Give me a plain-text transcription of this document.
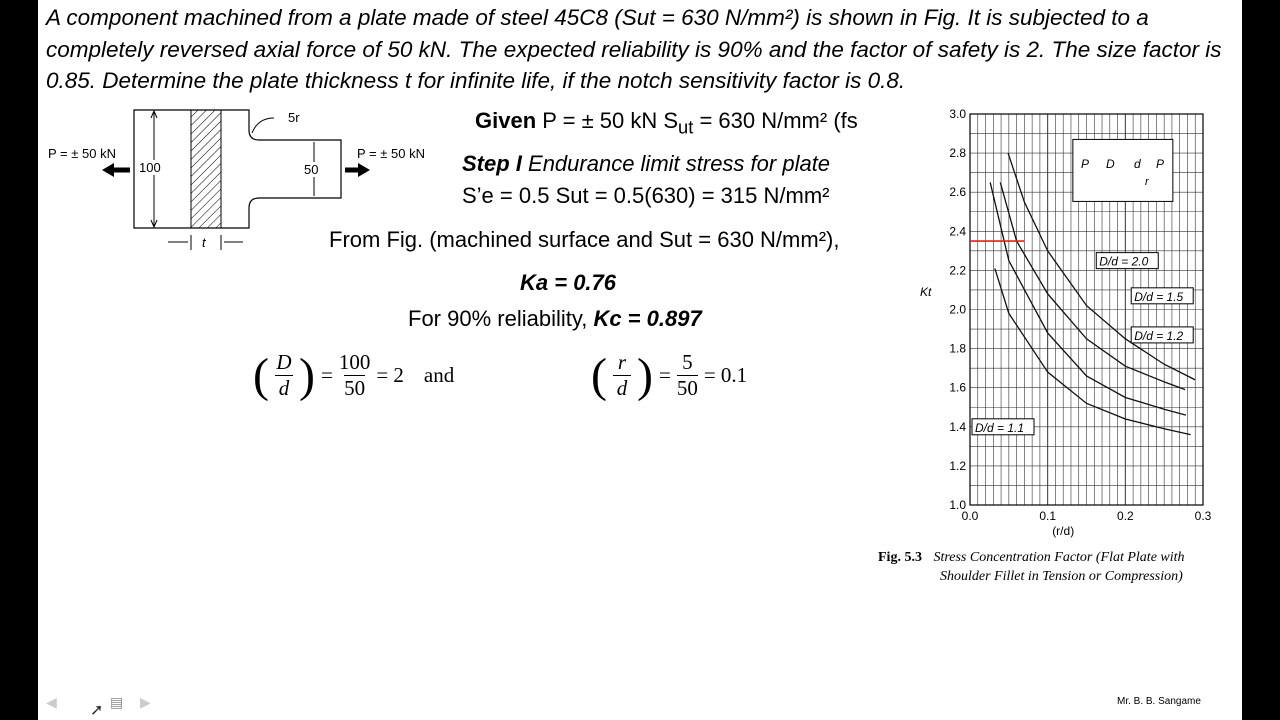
A component machined from a plate made of steel 45C8 (Sut = 630 N/mm²) is shown in Fig. It is subjected to a completely reversed axial force of 50 kN. The expected reliability is 90% and the factor of safety is 2. The size factor is 0.85. Determine the plate thickness t for infinite life, if the notch sensitivity factor is 0.8.
P = ± 50 kN	P = ± 50 kN
100	50
5r
t
Given P = ± 50 kN $S_{ut} = 630$ N/mm² (fs
Step I Endurance limit stress for plate
S’e = 0.5 Sut = 0.5(630) = 315 N/mm²
From Fig. (machined surface and Sut = 630 N/mm²),
Ka = 0.76
For 90% reliability, Kc = 0.897
( $\frac{D}{d}$ ) = $\frac{100}{50} = 2$ and	( $\frac{r}{d}$ ) = $\frac{5}{50} = 0.1$
1.0
1.2
1.4
1.6
1.8
2.0
2.2
2.4
2.6
2.8
3.0
0.0	0.1	0.2	0.3
(r/d)
Kt
D/d = 2.0
D/d = 1.5
D/d = 1.2
D/d = 1.1
P D d P
r
Fig. 5.3 Stress Concentration Factor (Flat Plate with
Shoulder Fillet in Tension or Compression)
◀ ➚ ▤ ▶	Mr. B. B. Sangame
